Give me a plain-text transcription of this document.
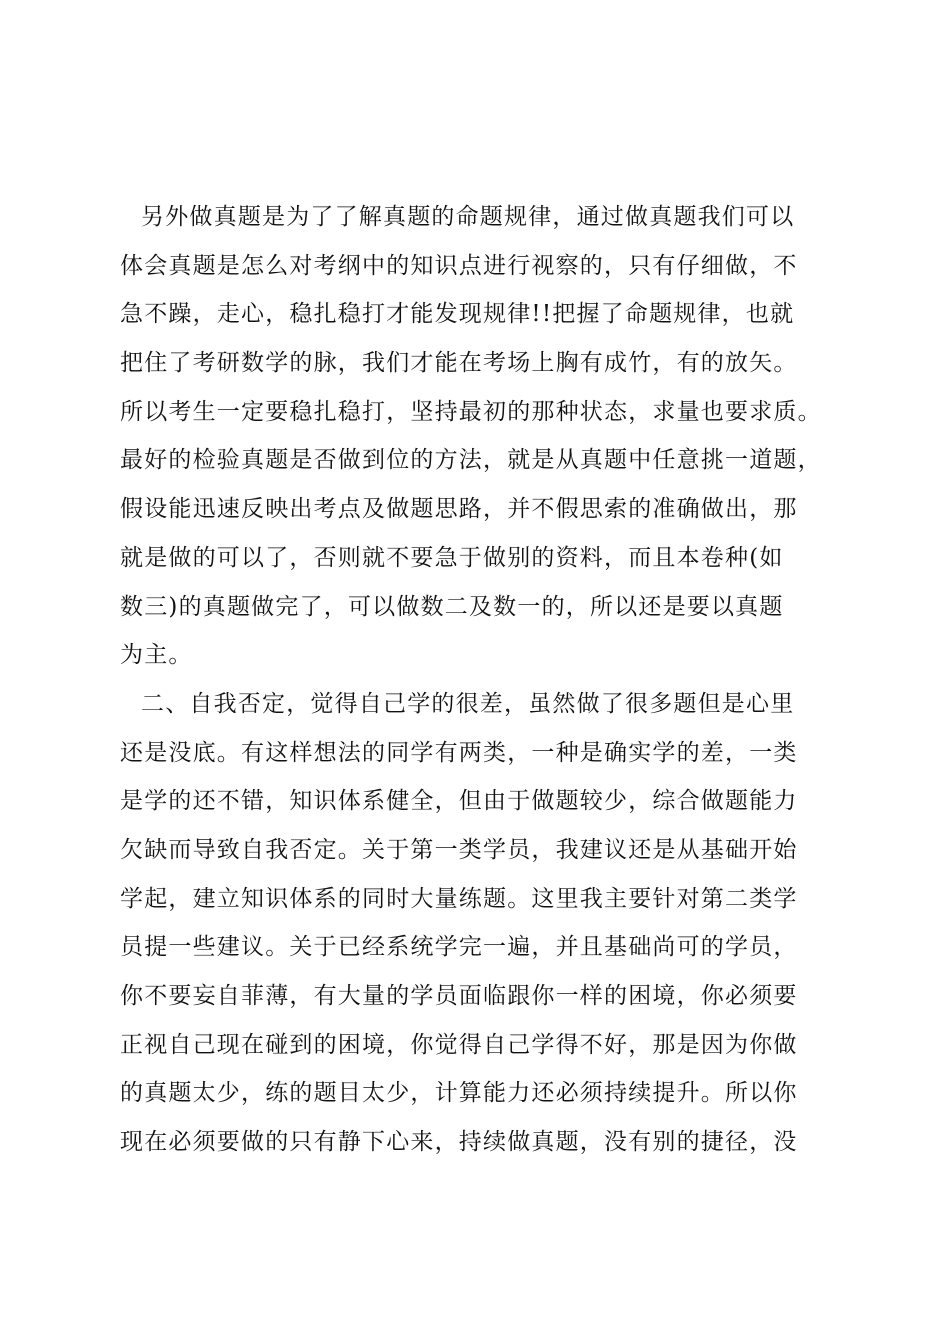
另外做真题是为了了解真题的命题规律，通过做真题我们可以
体会真题是怎么对考纲中的知识点进行视察的，只有仔细做，不
急不躁，走心，稳扎稳打才能发现规律!!把握了命题规律，也就
把住了考研数学的脉，我们才能在考场上胸有成竹，有的放矢。
所以考生一定要稳扎稳打，坚持最初的那种状态，求量也要求质。
最好的检验真题是否做到位的方法，就是从真题中任意挑一道题，
假设能迅速反映出考点及做题思路，并不假思索的准确做出，那
就是做的可以了，否则就不要急于做别的资料，而且本卷种(如
数三)的真题做完了，可以做数二及数一的，所以还是要以真题
为主。
二、自我否定，觉得自己学的很差，虽然做了很多题但是心里
还是没底。有这样想法的同学有两类，一种是确实学的差，一类
是学的还不错，知识体系健全，但由于做题较少，综合做题能力
欠缺而导致自我否定。关于第一类学员，我建议还是从基础开始
学起，建立知识体系的同时大量练题。这里我主要针对第二类学
员提一些建议。关于已经系统学完一遍，并且基础尚可的学员，
你不要妄自菲薄，有大量的学员面临跟你一样的困境，你必须要
正视自己现在碰到的困境，你觉得自己学得不好，那是因为你做
的真题太少，练的题目太少，计算能力还必须持续提升。所以你
现在必须要做的只有静下心来，持续做真题，没有别的捷径，没
